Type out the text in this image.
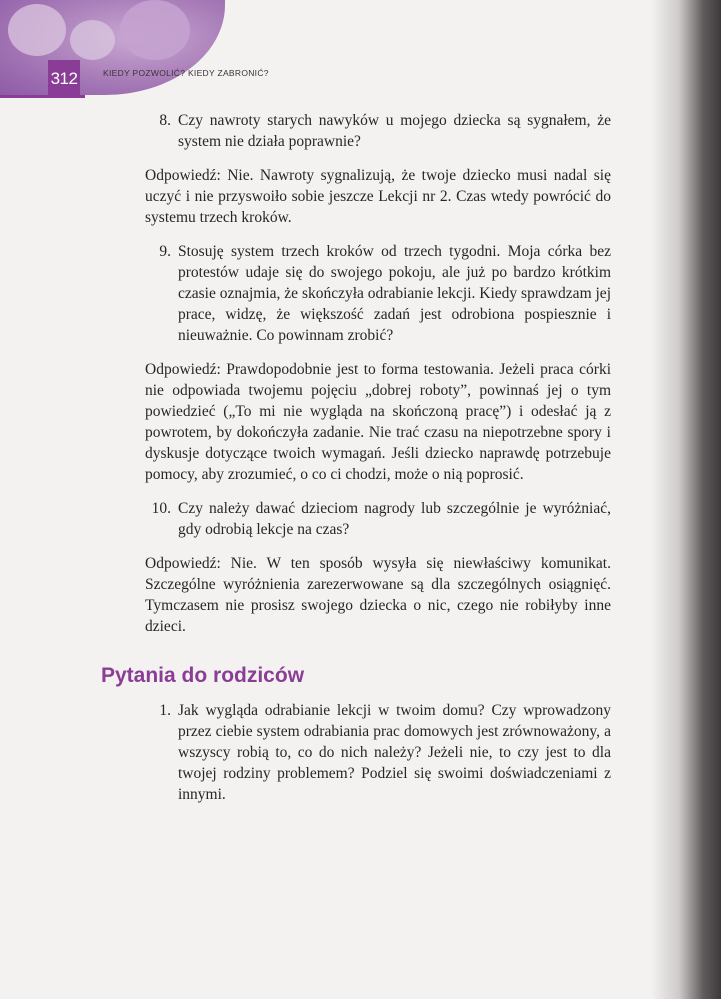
312	KIEDY POZWOLIĆ? KIEDY ZABRONIĆ?
8. Czy nawroty starych nawyków u mojego dziecka są sygnałem, że system nie działa poprawnie?
Odpowiedź: Nie. Nawroty sygnalizują, że twoje dziecko musi nadal się uczyć i nie przyswoiło sobie jeszcze Lekcji nr 2. Czas wtedy powrócić do systemu trzech kroków.
9. Stosuję system trzech kroków od trzech tygodni. Moja córka bez protestów udaje się do swojego pokoju, ale już po bardzo krótkim czasie oznajmia, że skończyła odrabianie lekcji. Kiedy sprawdzam jej prace, widzę, że większość zadań jest odrobiona pospiesznie i nieuważnie. Co powinnam zrobić?
Odpowiedź: Prawdopodobnie jest to forma testowania. Jeżeli praca córki nie odpowiada twojemu pojęciu „dobrej roboty”, powinnaś jej o tym powiedzieć („To mi nie wygląda na skończoną pracę”) i odesłać ją z powrotem, by dokończyła zadanie. Nie trać czasu na niepotrzebne spory i dyskusje dotyczące twoich wymagań. Jeśli dziecko naprawdę potrzebuje pomocy, aby zrozumieć, o co ci chodzi, może o nią poprosić.
10. Czy należy dawać dzieciom nagrody lub szczególnie je wyróżniać, gdy odrobią lekcje na czas?
Odpowiedź: Nie. W ten sposób wysyła się niewłaściwy komunikat. Szczególne wyróżnienia zarezerwowane są dla szczególnych osiągnięć. Tymczasem nie prosisz swojego dziecka o nic, czego nie robiłyby inne dzieci.
Pytania do rodziców
1. Jak wygląda odrabianie lekcji w twoim domu? Czy wprowadzony przez ciebie system odrabiania prac domowych jest zrównoważony, a wszyscy robią to, co do nich należy? Jeżeli nie, to czy jest to dla twojej rodziny problemem? Podziel się swoimi doświadczeniami z innymi.
